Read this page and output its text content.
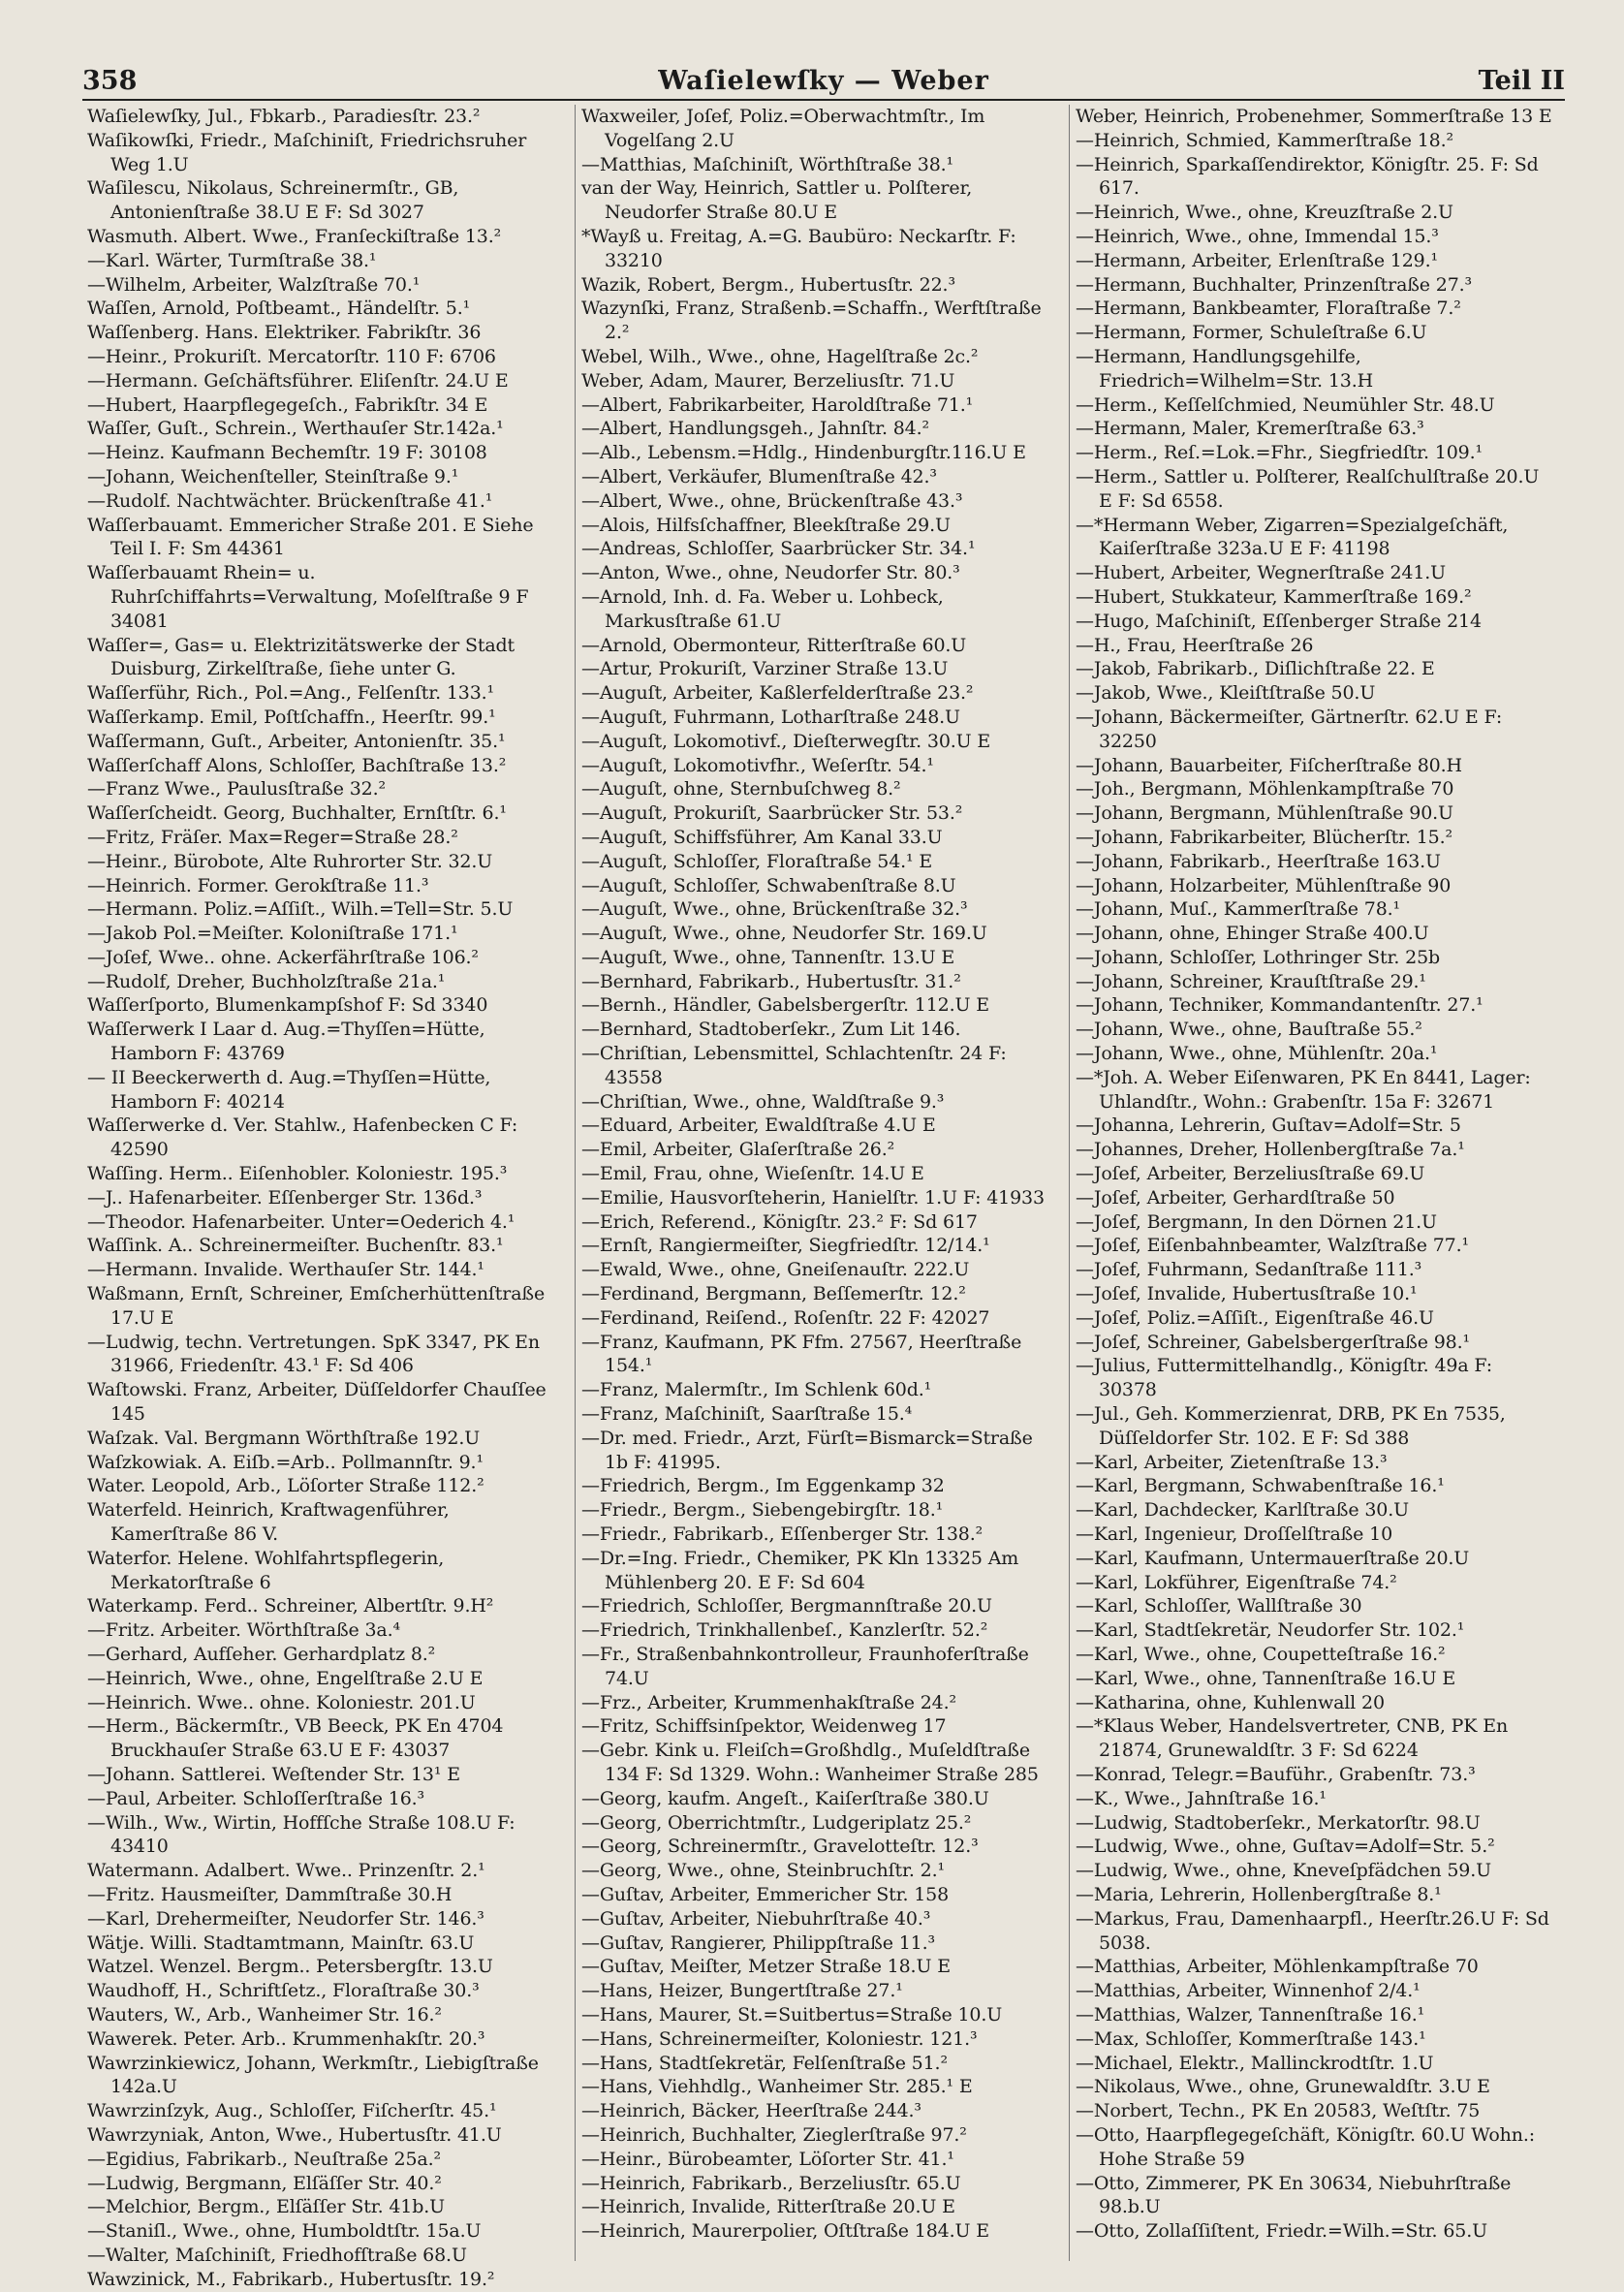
358	Waſielewſky — Weber	Teil II
Waſielewſky, Jul., Fbkarb., Paradiesſtr. 23.²
Waſikowſki, Friedr., Maſchiniſt, Friedrichsruher Weg 1.U
Waſilescu, Nikolaus, Schreinermſtr., GB, Antonienſtraße 38.U E F: Sd 3027
Wasmuth. Albert. Wwe., Franſeckiſtraße 13.²
—Karl. Wärter, Turmſtraße 38.¹
—Wilhelm, Arbeiter, Walzſtraße 70.¹
Waſſen, Arnold, Poſtbeamt., Händelſtr. 5.¹
Waſſenberg. Hans. Elektriker. Fabrikſtr. 36
—Heinr., Prokuriſt. Mercatorſtr. 110 F: 6706
—Hermann. Geſchäftsführer. Eliſenſtr. 24.U E
—Hubert, Haarpflegegeſch., Fabrikſtr. 34 E
Waſſer, Guſt., Schrein., Werthauſer Str.142a.¹
—Heinz. Kaufmann Bechemſtr. 19 F: 30108
—Johann, Weichenſteller, Steinſtraße 9.¹
—Rudolf. Nachtwächter. Brückenſtraße 41.¹
Waſſerbauamt. Emmericher Straße 201. E Siehe Teil I. F: Sm 44361
Waſſerbauamt Rhein= u. Ruhrſchiffahrts=Verwaltung, Moſelſtraße 9 F 34081
Waſſer=, Gas= u. Elektrizitätswerke der Stadt Duisburg, Zirkelſtraße, ſiehe unter G.
Waſſerführ, Rich., Pol.=Ang., Felſenſtr. 133.¹
Waſſerkamp. Emil, Poſtſchaffn., Heerſtr. 99.¹
Waſſermann, Guſt., Arbeiter, Antonienſtr. 35.¹
Waſſerſchaff Alons, Schloſſer, Bachſtraße 13.²
—Franz Wwe., Paulusſtraße 32.²
Waſſerſcheidt. Georg, Buchhalter, Ernſtſtr. 6.¹
—Fritz, Fräſer. Max=Reger=Straße 28.²
—Heinr., Bürobote, Alte Ruhrorter Str. 32.U
—Heinrich. Former. Gerokſtraße 11.³
—Hermann. Poliz.=Aſſiſt., Wilh.=Tell=Str. 5.U
—Jakob Pol.=Meiſter. Koloniſtraße 171.¹
—Joſef, Wwe.. ohne. Ackerfährſtraße 106.²
—Rudolf, Dreher, Buchholzſtraße 21a.¹
Waſſerſporto, Blumenkampſshof F: Sd 3340
Waſſerwerk I Laar d. Aug.=Thyſſen=Hütte, Hamborn F: 43769
— II Beeckerwerth d. Aug.=Thyſſen=Hütte, Hamborn F: 40214
Waſſerwerke d. Ver. Stahlw., Hafenbecken C F: 42590
Waſſing. Herm.. Eiſenhobler. Koloniestr. 195.³
—J.. Hafenarbeiter. Eſſenberger Str. 136d.³
—Theodor. Hafenarbeiter. Unter=Oederich 4.¹
Waſſink. A.. Schreinermeiſter. Buchenſtr. 83.¹
—Hermann. Invalide. Werthauſer Str. 144.¹
Waßmann, Ernſt, Schreiner, Emſcherhüttenſtraße 17.U E
—Ludwig, techn. Vertretungen. SpK 3347, PK En 31966, Friedenſtr. 43.¹ F: Sd 406
Waſtowski. Franz, Arbeiter, Düſſeldorfer Chauſſee 145
Waſzak. Val. Bergmann Wörthſtraße 192.U
Waſzkowiak. A. Eiſb.=Arb.. Pollmannſtr. 9.¹
Water. Leopold, Arb., Löſorter Straße 112.²
Waterfeld. Heinrich, Kraftwagenführer, Kamerſtraße 86 V.
Waterfor. Helene. Wohlfahrtspflegerin, Merkatorſtraße 6
Waterkamp. Ferd.. Schreiner, Albertſtr. 9.H²
—Fritz. Arbeiter. Wörthſtraße 3a.⁴
—Gerhard, Aufſeher. Gerhardplatz 8.²
—Heinrich, Wwe., ohne, Engelſtraße 2.U E
—Heinrich. Wwe.. ohne. Koloniestr. 201.U
—Herm., Bäckermſtr., VB Beeck, PK En 4704 Bruckhauſer Straße 63.U E F: 43037
—Johann. Sattlerei. Weſtender Str. 13¹ E
—Paul, Arbeiter. Schloſſerſtraße 16.³
—Wilh., Ww., Wirtin, Hoffſche Straße 108.U F: 43410
Watermann. Adalbert. Wwe.. Prinzenſtr. 2.¹
—Fritz. Hausmeiſter, Dammſtraße 30.H
—Karl, Drehermeiſter, Neudorfer Str. 146.³
Wätje. Willi. Stadtamtmann, Mainſtr. 63.U
Watzel. Wenzel. Bergm.. Petersbergſtr. 13.U
Waudhoff, H., Schriftſetz., Floraſtraße 30.³
Wauters, W., Arb., Wanheimer Str. 16.²
Wawerek. Peter. Arb.. Krummenhakſtr. 20.³
Wawrzinkiewicz, Johann, Werkmſtr., Liebigſtraße 142a.U
Wawrzinſzyk, Aug., Schloſſer, Fiſcherſtr. 45.¹
Wawrzyniak, Anton, Wwe., Hubertusſtr. 41.U
—Egidius, Fabrikarb., Neuſtraße 25a.²
—Ludwig, Bergmann, Elſäſſer Str. 40.²
—Melchior, Bergm., Elſäſſer Str. 41b.U
—Staniſl., Wwe., ohne, Humboldtſtr. 15a.U
—Walter, Maſchiniſt, Friedhofſtraße 68.U
Wawzinick, M., Fabrikarb., Hubertusſtr. 19.²
Waxweiler, Joſef, Poliz.=Oberwachtmſtr., Im Vogelſang 2.U
—Matthias, Maſchiniſt, Wörthſtraße 38.¹
van der Way, Heinrich, Sattler u. Polſterer, Neudorfer Straße 80.U E
*Wayß u. Freitag, A.=G. Baubüro: Neckarſtr. F: 33210
Wazik, Robert, Bergm., Hubertusſtr. 22.³
Wazynſki, Franz, Straßenb.=Schaffn., Werftſtraße 2.²
Webel, Wilh., Wwe., ohne, Hagelſtraße 2c.²
Weber, Adam, Maurer, Berzeliusſtr. 71.U
—Albert, Fabrikarbeiter, Haroldſtraße 71.¹
—Albert, Handlungsgeh., Jahnſtr. 84.²
—Alb., Lebensm.=Hdlg., Hindenburgſtr.116.U E
—Albert, Verkäufer, Blumenſtraße 42.³
—Albert, Wwe., ohne, Brückenſtraße 43.³
—Alois, Hilfsſchaffner, Bleekſtraße 29.U
—Andreas, Schloſſer, Saarbrücker Str. 34.¹
—Anton, Wwe., ohne, Neudorfer Str. 80.³
—Arnold, Inh. d. Fa. Weber u. Lohbeck, Markusſtraße 61.U
—Arnold, Obermonteur, Ritterſtraße 60.U
—Artur, Prokuriſt, Varziner Straße 13.U
—Auguſt, Arbeiter, Kaßlerfelderſtraße 23.²
—Auguſt, Fuhrmann, Lotharſtraße 248.U
—Auguſt, Lokomotivf., Dieſterwegſtr. 30.U E
—Auguſt, Lokomotivfhr., Weſerſtr. 54.¹
—Auguſt, ohne, Sternbuſchweg 8.²
—Auguſt, Prokuriſt, Saarbrücker Str. 53.²
—Auguſt, Schiffsführer, Am Kanal 33.U
—Auguſt, Schloſſer, Floraſtraße 54.¹ E
—Auguſt, Schloſſer, Schwabenſtraße 8.U
—Auguſt, Wwe., ohne, Brückenſtraße 32.³
—Auguſt, Wwe., ohne, Neudorfer Str. 169.U
—Auguſt, Wwe., ohne, Tannenſtr. 13.U E
—Bernhard, Fabrikarb., Hubertusſtr. 31.²
—Bernh., Händler, Gabelsbergerſtr. 112.U E
—Bernhard, Stadtoberſekr., Zum Lit 146.
—Chriſtian, Lebensmittel, Schlachtenſtr. 24 F: 43558
—Chriſtian, Wwe., ohne, Waldſtraße 9.³
—Eduard, Arbeiter, Ewaldſtraße 4.U E
—Emil, Arbeiter, Glaſerſtraße 26.²
—Emil, Frau, ohne, Wieſenſtr. 14.U E
—Emilie, Hausvorſteherin, Hanielſtr. 1.U F: 41933
—Erich, Referend., Königſtr. 23.² F: Sd 617
—Ernſt, Rangiermeiſter, Siegfriedſtr. 12/14.¹
—Ewald, Wwe., ohne, Gneiſenauſtr. 222.U
—Ferdinand, Bergmann, Beſſemerſtr. 12.²
—Ferdinand, Reiſend., Roſenſtr. 22 F: 42027
—Franz, Kaufmann, PK Ffm. 27567, Heerſtraße 154.¹
—Franz, Malermſtr., Im Schlenk 60d.¹
—Franz, Maſchiniſt, Saarſtraße 15.⁴
—Dr. med. Friedr., Arzt, Fürſt=Bismarck=Straße 1b F: 41995.
—Friedrich, Bergm., Im Eggenkamp 32
—Friedr., Bergm., Siebengebirgſtr. 18.¹
—Friedr., Fabrikarb., Eſſenberger Str. 138.²
—Dr.=Ing. Friedr., Chemiker, PK Kln 13325 Am Mühlenberg 20. E F: Sd 604
—Friedrich, Schloſſer, Bergmannſtraße 20.U
—Friedrich, Trinkhallenbeſ., Kanzlerſtr. 52.²
—Fr., Straßenbahnkontrolleur, Fraunhoferſtraße 74.U
—Frz., Arbeiter, Krummenhakſtraße 24.²
—Fritz, Schiffsinſpektor, Weidenweg 17
—Gebr. Kink u. Fleiſch=Großhdlg., Muſeldſtraße 134 F: Sd 1329. Wohn.: Wanheimer Straße 285
—Georg, kaufm. Angeſt., Kaiſerſtraße 380.U
—Georg, Oberrichtmſtr., Ludgeriplatz 25.²
—Georg, Schreinermſtr., Gravelotteſtr. 12.³
—Georg, Wwe., ohne, Steinbruchſtr. 2.¹
—Guſtav, Arbeiter, Emmericher Str. 158
—Guſtav, Arbeiter, Niebuhrſtraße 40.³
—Guſtav, Rangierer, Philippſtraße 11.³
—Guſtav, Meiſter, Metzer Straße 18.U E
—Hans, Heizer, Bungertſtraße 27.¹
—Hans, Maurer, St.=Suitbertus=Straße 10.U
—Hans, Schreinermeiſter, Koloniestr. 121.³
—Hans, Stadtſekretär, Felſenſtraße 51.²
—Hans, Viehhdlg., Wanheimer Str. 285.¹ E
—Heinrich, Bäcker, Heerſtraße 244.³
—Heinrich, Buchhalter, Zieglerſtraße 97.²
—Heinr., Bürobeamter, Löſorter Str. 41.¹
—Heinrich, Fabrikarb., Berzeliusſtr. 65.U
—Heinrich, Invalide, Ritterſtraße 20.U E
—Heinrich, Maurerpolier, Oſtſtraße 184.U E
Weber, Heinrich, Probenehmer, Sommerſtraße 13 E
—Heinrich, Schmied, Kammerſtraße 18.²
—Heinrich, Sparkaſſendirektor, Königſtr. 25. F: Sd 617.
—Heinrich, Wwe., ohne, Kreuzſtraße 2.U
—Heinrich, Wwe., ohne, Immendal 15.³
—Hermann, Arbeiter, Erlenſtraße 129.¹
—Hermann, Buchhalter, Prinzenſtraße 27.³
—Hermann, Bankbeamter, Floraſtraße 7.²
—Hermann, Former, Schuleſtraße 6.U
—Hermann, Handlungsgehilfe, Friedrich=Wilhelm=Str. 13.H
—Herm., Keſſelſchmied, Neumühler Str. 48.U
—Hermann, Maler, Kremerſtraße 63.³
—Herm., Reſ.=Lok.=Fhr., Siegfriedſtr. 109.¹
—Herm., Sattler u. Polſterer, Realſchulſtraße 20.U E F: Sd 6558.
—*Hermann Weber, Zigarren=Spezialgeſchäft, Kaiſerſtraße 323a.U E F: 41198
—Hubert, Arbeiter, Wegnerſtraße 241.U
—Hubert, Stukkateur, Kammerſtraße 169.²
—Hugo, Maſchiniſt, Eſſenberger Straße 214
—H., Frau, Heerſtraße 26
—Jakob, Fabrikarb., Diſlichſtraße 22. E
—Jakob, Wwe., Kleiſtſtraße 50.U
—Johann, Bäckermeiſter, Gärtnerſtr. 62.U E F: 32250
—Johann, Bauarbeiter, Fiſcherſtraße 80.H
—Joh., Bergmann, Möhlenkampſtraße 70
—Johann, Bergmann, Mühlenſtraße 90.U
—Johann, Fabrikarbeiter, Blücherſtr. 15.²
—Johann, Fabrikarb., Heerſtraße 163.U
—Johann, Holzarbeiter, Mühlenſtraße 90
—Johann, Muſ., Kammerſtraße 78.¹
—Johann, ohne, Ehinger Straße 400.U
—Johann, Schloſſer, Lothringer Str. 25b
—Johann, Schreiner, Krauſtſtraße 29.¹
—Johann, Techniker, Kommandantenſtr. 27.¹
—Johann, Wwe., ohne, Bauſtraße 55.²
—Johann, Wwe., ohne, Mühlenſtr. 20a.¹
—*Joh. A. Weber Eiſenwaren, PK En 8441, Lager: Uhlandſtr., Wohn.: Grabenſtr. 15a F: 32671
—Johanna, Lehrerin, Guſtav=Adolf=Str. 5
—Johannes, Dreher, Hollenbergſtraße 7a.¹
—Joſef, Arbeiter, Berzeliusſtraße 69.U
—Joſef, Arbeiter, Gerhardſtraße 50
—Joſef, Bergmann, In den Dörnen 21.U
—Joſef, Eiſenbahnbeamter, Walzſtraße 77.¹
—Joſef, Fuhrmann, Sedanſtraße 111.³
—Joſef, Invalide, Hubertusſtraße 10.¹
—Joſef, Poliz.=Aſſiſt., Eigenſtraße 46.U
—Joſef, Schreiner, Gabelsbergerſtraße 98.¹
—Julius, Futtermittelhandlg., Königſtr. 49a F: 30378
—Jul., Geh. Kommerzienrat, DRB, PK En 7535, Düſſeldorfer Str. 102. E F: Sd 388
—Karl, Arbeiter, Zietenſtraße 13.³
—Karl, Bergmann, Schwabenſtraße 16.¹
—Karl, Dachdecker, Karlſtraße 30.U
—Karl, Ingenieur, Droſſelſtraße 10
—Karl, Kaufmann, Untermauerſtraße 20.U
—Karl, Lokführer, Eigenſtraße 74.²
—Karl, Schloſſer, Wallſtraße 30
—Karl, Stadtſekretär, Neudorfer Str. 102.¹
—Karl, Wwe., ohne, Coupetteſtraße 16.²
—Karl, Wwe., ohne, Tannenſtraße 16.U E
—Katharina, ohne, Kuhlenwall 20
—*Klaus Weber, Handelsvertreter, CNB, PK En 21874, Grunewaldſtr. 3 F: Sd 6224
—Konrad, Telegr.=Bauführ., Grabenſtr. 73.³
—K., Wwe., Jahnſtraße 16.¹
—Ludwig, Stadtoberſekr., Merkatorſtr. 98.U
—Ludwig, Wwe., ohne, Guſtav=Adolf=Str. 5.²
—Ludwig, Wwe., ohne, Kneveſpfädchen 59.U
—Maria, Lehrerin, Hollenbergſtraße 8.¹
—Markus, Frau, Damenhaarpfl., Heerſtr.26.U F: Sd 5038.
—Matthias, Arbeiter, Möhlenkampſtraße 70
—Matthias, Arbeiter, Winnenhof 2/4.¹
—Matthias, Walzer, Tannenſtraße 16.¹
—Max, Schloſſer, Kommerſtraße 143.¹
—Michael, Elektr., Mallinckrodtſtr. 1.U
—Nikolaus, Wwe., ohne, Grunewaldſtr. 3.U E
—Norbert, Techn., PK En 20583, Weſtſtr. 75
—Otto, Haarpflegegeſchäft, Königſtr. 60.U Wohn.: Hohe Straße 59
—Otto, Zimmerer, PK En 30634, Niebuhrſtraße 98.b.U
—Otto, Zollaſſiſtent, Friedr.=Wilh.=Str. 65.U
